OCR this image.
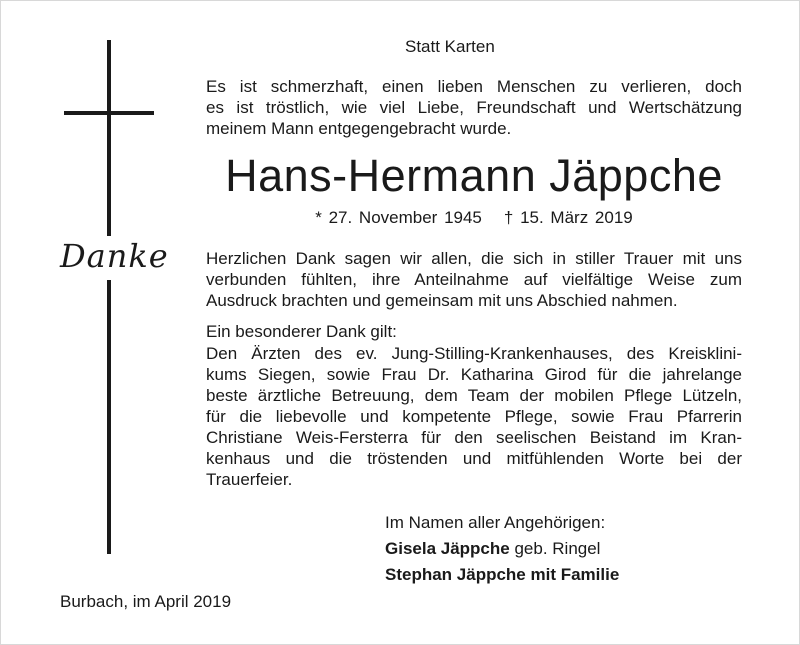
Danke
Statt Karten
Es ist schmerzhaft, einen lieben Menschen zu verlieren, doch
es ist tröstlich, wie viel Liebe, Freundschaft und Wertschätzung
meinem Mann entgegengebracht wurde.
Hans-Hermann Jäppche
* 27. November 1945 † 15. März 2019
Herzlichen Dank sagen wir allen, die sich in stiller Trauer mit uns
verbunden fühlten, ihre Anteilnahme auf vielfältige Weise zum
Ausdruck brachten und gemeinsam mit uns Abschied nahmen.
Ein besonderer Dank gilt:
Den Ärzten des ev. Jung-Stilling-Krankenhauses, des Kreisklini-
kums Siegen, sowie Frau Dr. Katharina Girod für die jahrelange
beste ärztliche Betreuung, dem Team der mobilen Pflege Lützeln,
für die liebevolle und kompetente Pflege, sowie Frau Pfarrerin
Christiane Weis-Fersterra für den seelischen Beistand im Kran-
kenhaus und die tröstenden und mitfühlenden Worte bei der
Trauerfeier.
Im Namen aller Angehörigen:
Gisela Jäppche geb. Ringel
Stephan Jäppche mit Familie
Burbach, im April 2019
